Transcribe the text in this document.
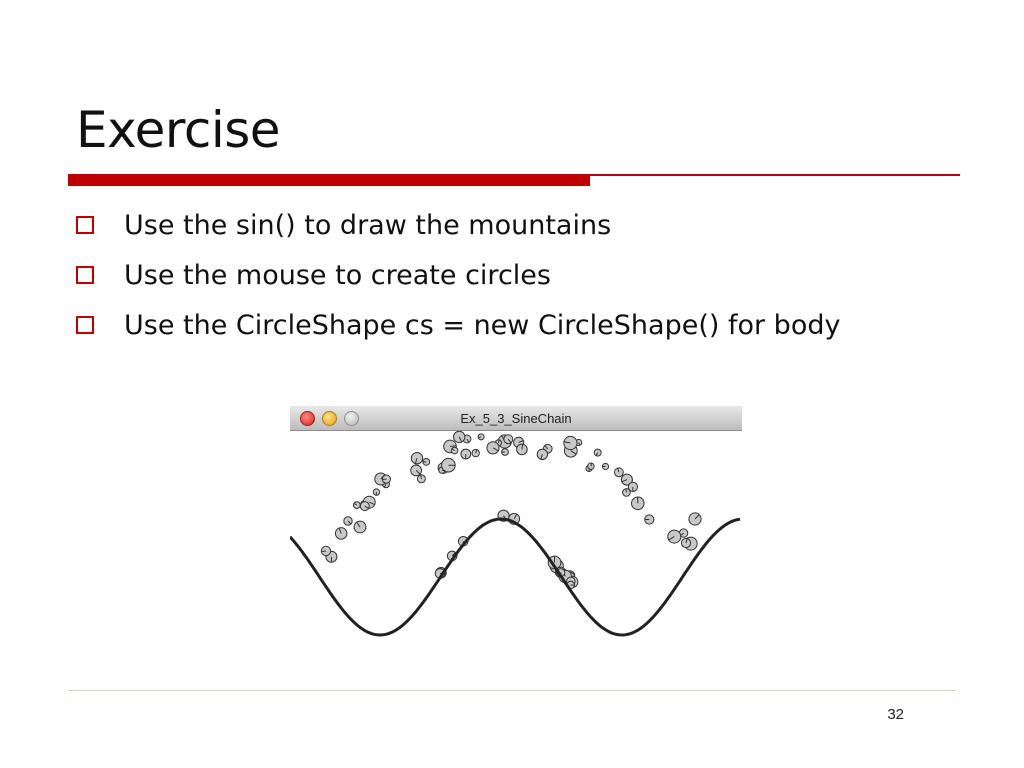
Exercise
Use the sin() to draw the mountains
Use the mouse to create circles
Use the CircleShape cs = new CircleShape() for body
Ex_5_3_SineChain
32
